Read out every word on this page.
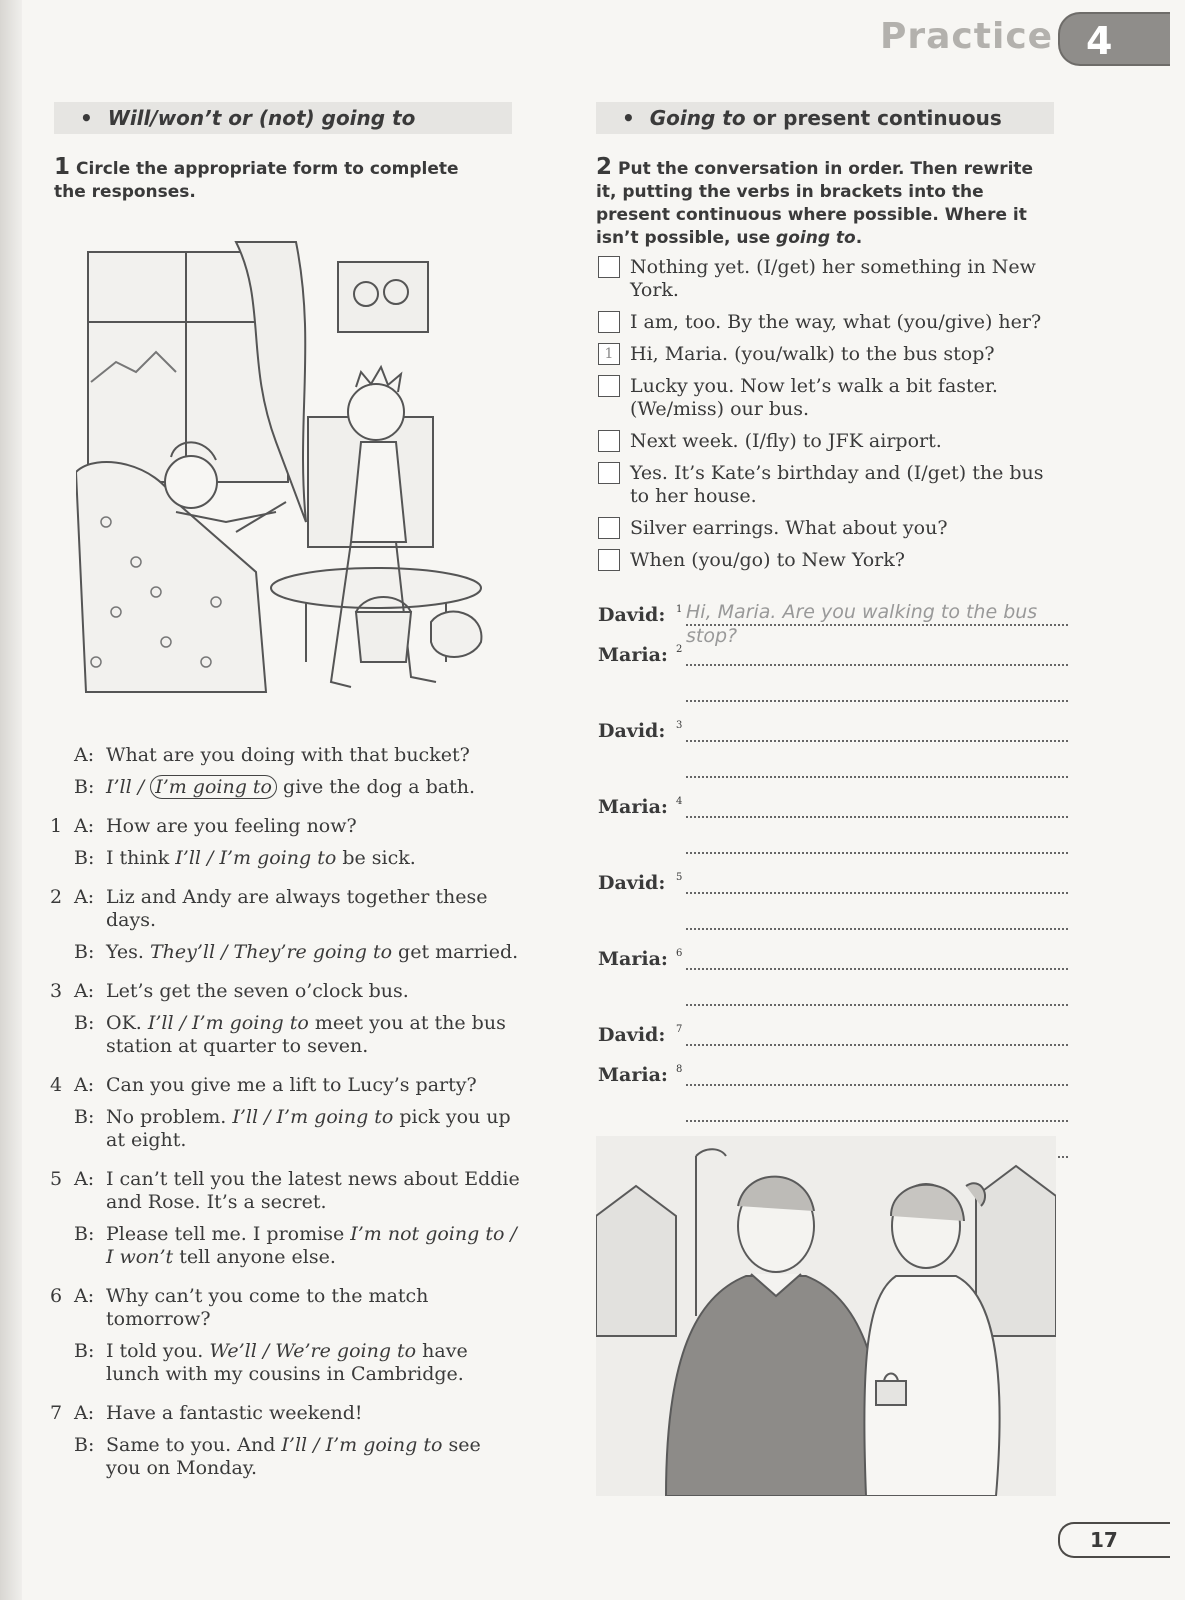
Practice 4
• Will/won’t or (not) going to
1 Circle the appropriate form to complete the responses.
A: What are you doing with that bucket?
B: I’ll / I’m going to give the dog a bath.
1 A: How are you feeling now?
B: I think I’ll / I’m going to be sick.
2 A: Liz and Andy are always together these days.
B: Yes. They’ll / They’re going to get married.
3 A: Let’s get the seven o’clock bus.
B: OK. I’ll / I’m going to meet you at the bus station at quarter to seven.
4 A: Can you give me a lift to Lucy’s party?
B: No problem. I’ll / I’m going to pick you up at eight.
5 A: I can’t tell you the latest news about Eddie and Rose. It’s a secret.
B: Please tell me. I promise I’m not going to / I won’t tell anyone else.
6 A: Why can’t you come to the match tomorrow?
B: I told you. We’ll / We’re going to have lunch with my cousins in Cambridge.
7 A: Have a fantastic weekend!
B: Same to you. And I’ll / I’m going to see you on Monday.
• Going to or present continuous
2 Put the conversation in order. Then rewrite it, putting the verbs in brackets into the present continuous where possible. Where it isn’t possible, use going to.
Nothing yet. (I/get) her something in New York.
I am, too. By the way, what (you/give) her?
1 Hi, Maria. (you/walk) to the bus stop?
Lucky you. Now let’s walk a bit faster. (We/miss) our bus.
Next week. (I/fly) to JFK airport.
Yes. It’s Kate’s birthday and (I/get) the bus to her house.
Silver earrings. What about you?
When (you/go) to New York?
David:	1 Hi, Maria. Are you walking to the bus stop?
Maria: 2
David:	3
Maria: 4
David:	5
Maria: 6
David:	7
Maria: 8
17
